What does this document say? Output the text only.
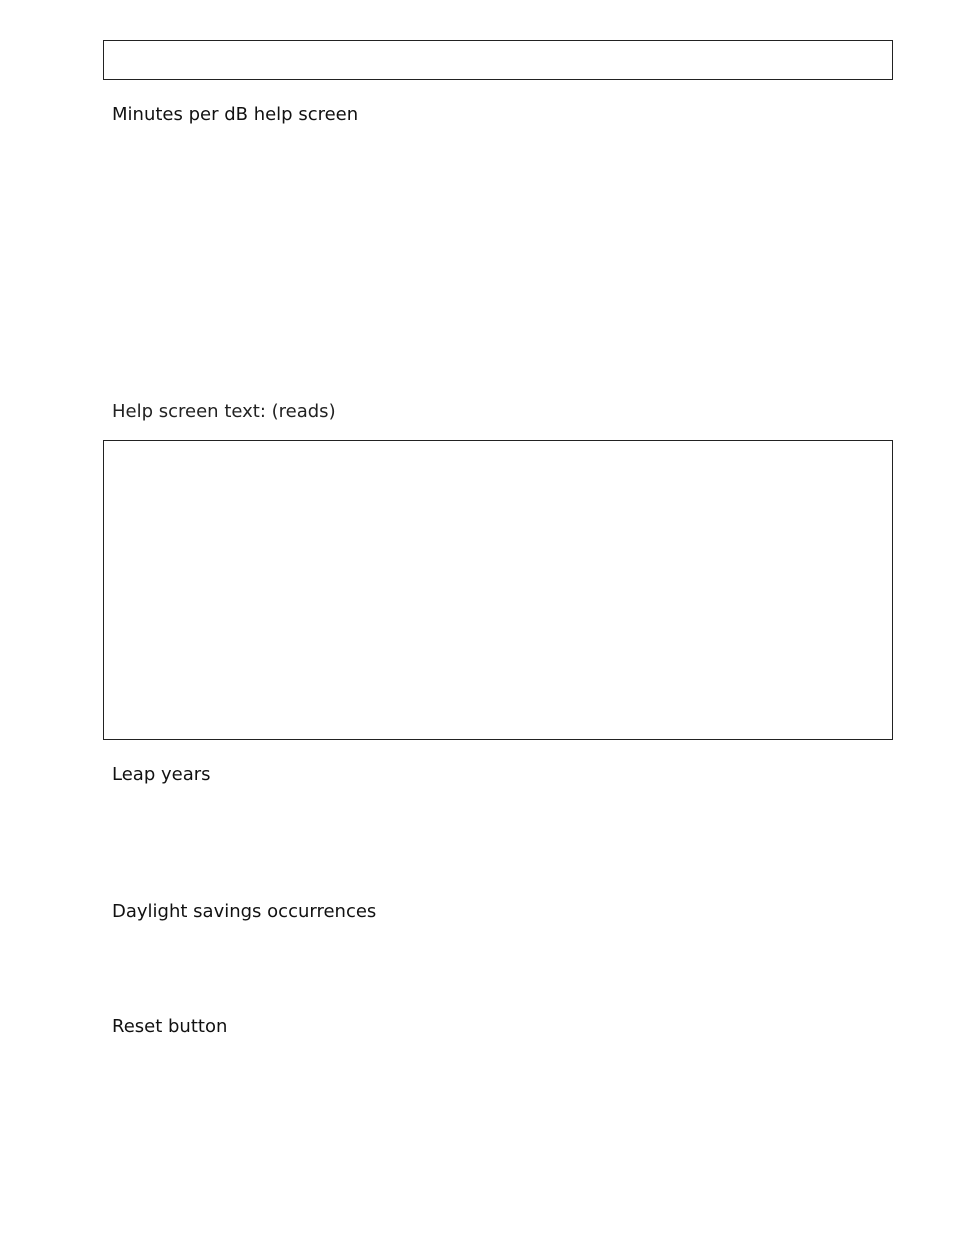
Minutes per dB help screen

Help screen text: (reads)

Leap years
Daylight savings occurrences
Reset button
